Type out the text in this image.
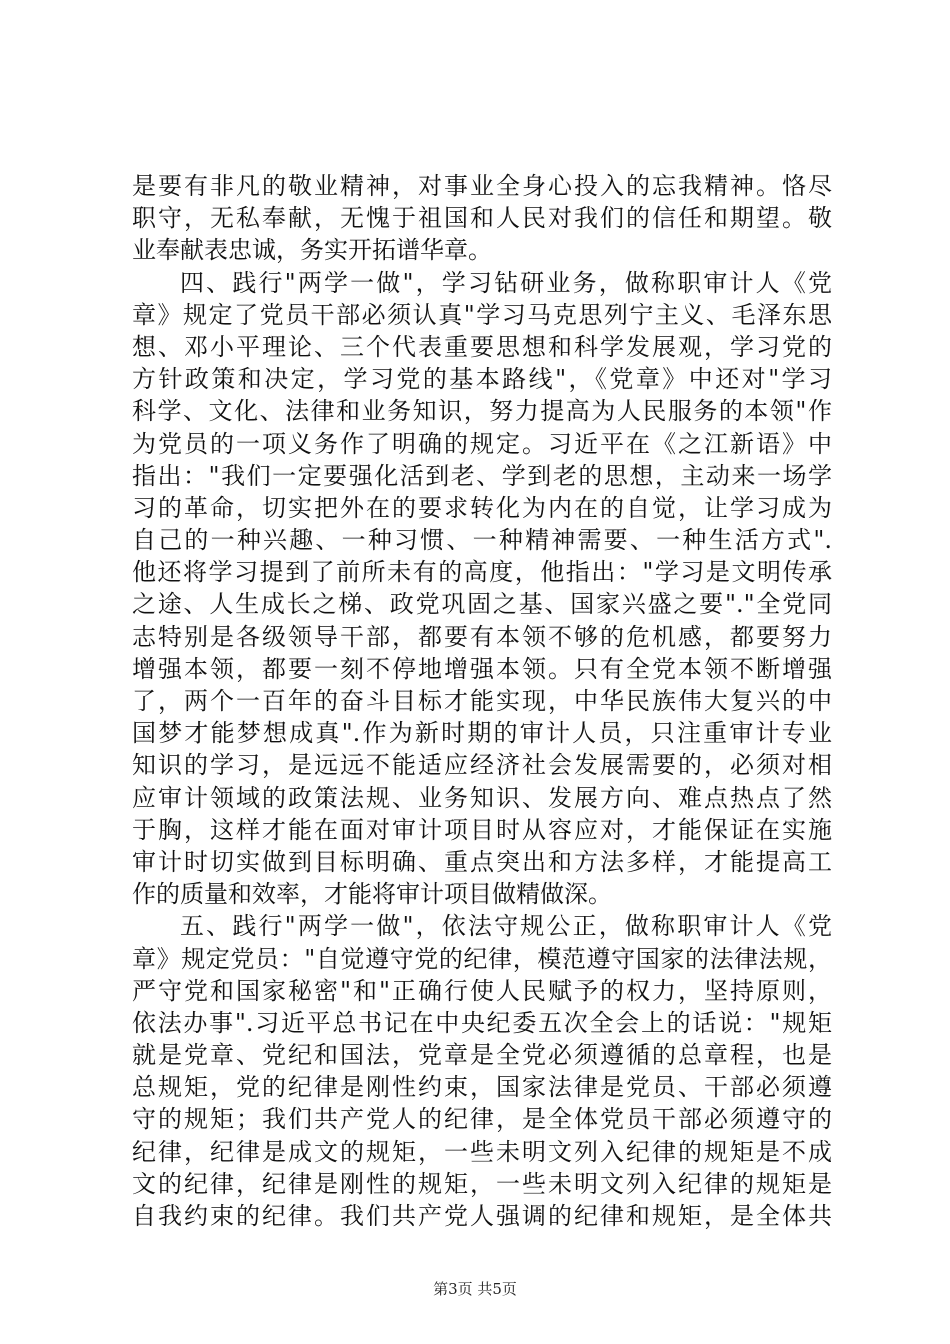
是要有非凡的敬业精神，对事业全身心投入的忘我精神。恪尽
职守，无私奉献，无愧于祖国和人民对我们的信任和期望。敬
业奉献表忠诚，务实开拓谱华章。
四、践行"两学一做"，学习钻研业务，做称职审计人《党
章》规定了党员干部必须认真"学习马克思列宁主义、毛泽东思
想、邓小平理论、三个代表重要思想和科学发展观，学习党的
方针政策和决定，学习党的基本路线"，《党章》中还对"学习
科学、文化、法律和业务知识，努力提高为人民服务的本领"作
为党员的一项义务作了明确的规定。习近平在《之江新语》中
指出："我们一定要强化活到老、学到老的思想，主动来一场学
习的革命，切实把外在的要求转化为内在的自觉，让学习成为
自己的一种兴趣、一种习惯、一种精神需要、一种生活方式".
他还将学习提到了前所未有的高度，他指出："学习是文明传承
之途、人生成长之梯、政党巩固之基、国家兴盛之要"."全党同
志特别是各级领导干部，都要有本领不够的危机感，都要努力
增强本领，都要一刻不停地增强本领。只有全党本领不断增强
了，两个一百年的奋斗目标才能实现，中华民族伟大复兴的中
国梦才能梦想成真".作为新时期的审计人员，只注重审计专业
知识的学习，是远远不能适应经济社会发展需要的，必须对相
应审计领域的政策法规、业务知识、发展方向、难点热点了然
于胸，这样才能在面对审计项目时从容应对，才能保证在实施
审计时切实做到目标明确、重点突出和方法多样，才能提高工
作的质量和效率，才能将审计项目做精做深。
五、践行"两学一做"，依法守规公正，做称职审计人《党
章》规定党员："自觉遵守党的纪律，模范遵守国家的法律法规，
严守党和国家秘密"和"正确行使人民赋予的权力，坚持原则，
依法办事".习近平总书记在中央纪委五次全会上的话说："规矩
就是党章、党纪和国法，党章是全党必须遵循的总章程，也是
总规矩，党的纪律是刚性约束，国家法律是党员、干部必须遵
守的规矩；我们共产党人的纪律，是全体党员干部必须遵守的
纪律，纪律是成文的规矩，一些未明文列入纪律的规矩是不成
文的纪律，纪律是刚性的规矩，一些未明文列入纪律的规矩是
自我约束的纪律。我们共产党人强调的纪律和规矩，是全体共
第3页 共5页
